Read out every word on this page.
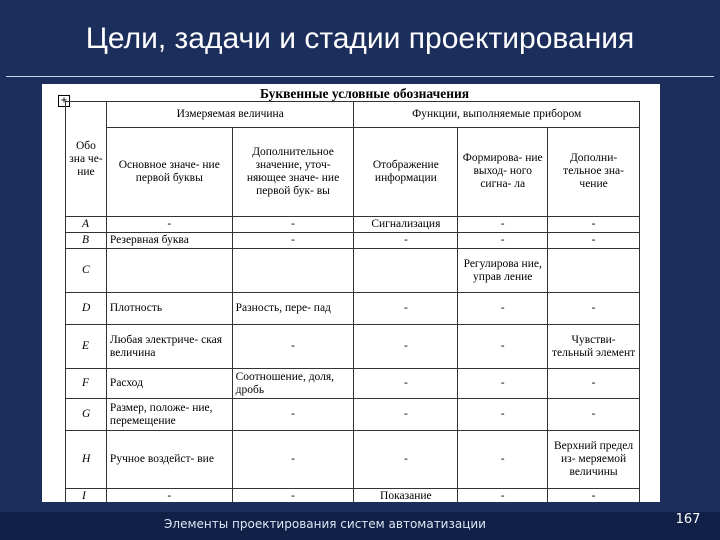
Цели, задачи и стадии проектирования
+	Буквенные условные обозначения
Обо зна че- ние	Измеряемая величина		Функции, выполняемые прибором		
	Основное значе- ние первой буквы	Дополнительное значение, уточ- няющее значе- ние первой бук- вы	Отображение информации	Формирова- ние выход- ного сигна- ла	Дополни- тельное зна- чение
A	-	-	Сигнализация	-	-
B	Резервная буква	-	-	-	-
C				Регулирова ние, управ ление	
D	Плотность	Разность, пере- пад	-	-	-
E	Любая электриче- ская величина	-	-	-	Чувстви- тельный элемент
F	Расход	Соотношение, доля, дробь	-	-	-
G	Размер, положе- ние, перемещение	-	-	-	-
H	Ручное воздейст- вие	-	-	-	Верхний предел из- меряемой величины
I	-	-	Показание	-	-
Элементы проектирования систем автоматизации	167
